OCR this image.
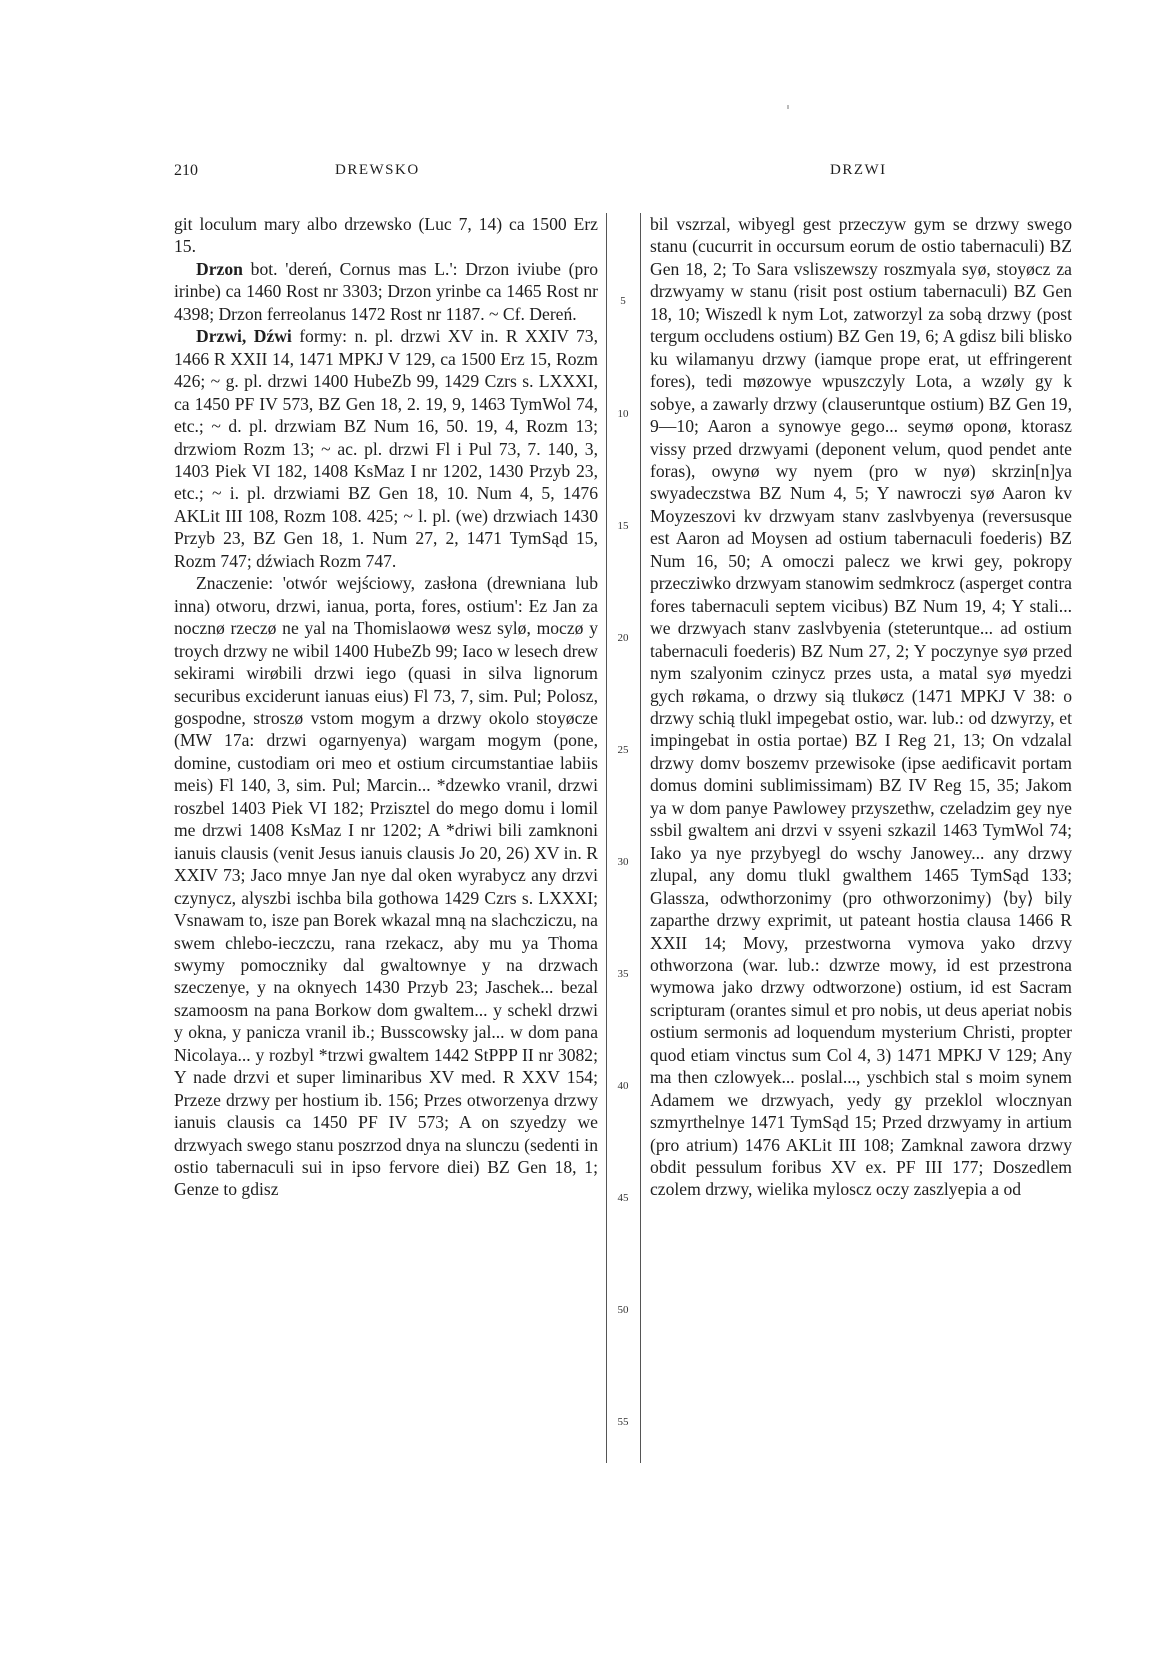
210	DREWSKO	DRZWI

git loculum mary albo drzewsko (Luc 7, 14) ca 1500 Erz 15.

Drzon bot. 'dereń, Cornus mas L.': Drzon iviube (pro irinbe) ca 1460 Rost nr 3303; Drzon yrinbe ca 1465 Rost nr 4398; Drzon ferreolanus 1472 Rost nr 1187. ~ Cf. Dereń.

Drzwi, Dźwi formy: n. pl. drzwi XV in. R XXIV 73, 1466 R XXII 14, 1471 MPKJ V 129, ca 1500 Erz 15, Rozm 426; ~ g. pl. drzwi 1400 HubeZb 99, 1429 Czrs s. LXXXI, ca 1450 PF IV 573, BZ Gen 18, 2. 19, 9, 1463 TymWol 74, etc.; ~ d. pl. drzwiam BZ Num 16, 50. 19, 4, Rozm 13; drzwiom Rozm 13; ~ ac. pl. drzwi Fl i Pul 73, 7. 140, 3, 1403 Piek VI 182, 1408 KsMaz I nr 1202, 1430 Przyb 23, etc.; ~ i. pl. drzwiami BZ Gen 18, 10. Num 4, 5, 1476 AKLit III 108, Rozm 108. 425; ~ l. pl. (we) drzwiach 1430 Przyb 23, BZ Gen 18, 1. Num 27, 2, 1471 TymSąd 15, Rozm 747; dźwiach Rozm 747.

Znaczenie: 'otwór wejściowy, zasłona (drewniana lub inna) otworu, drzwi, ianua, porta, fores, ostium': Ez Jan za nocznø rzeczø ne yal na Thomislaowø wesz sylø, moczø y troych drzwy ne wibil 1400 HubeZb 99; Iaco w lesech drew sekirami wirøbili drzwi iego (quasi in silva lignorum securibus exciderunt ianuas eius) Fl 73, 7, sim. Pul; Polosz, gospodne, stroszø vstom mogym a drzwy okolo stoyøcze (MW 17a: drzwi ogarnyenya) wargam mogym (pone, domine, custodiam ori meo et ostium circumstantiae labiis meis) Fl 140, 3, sim. Pul; Marcin... *dzewko vranil, drzwi roszbel 1403 Piek VI 182; Przisztel do mego domu i lomil me drzwi 1408 KsMaz I nr 1202; A *driwi bili zamknoni ianuis clausis (venit Jesus ianuis clausis Jo 20, 26) XV in. R XXIV 73; Jaco mnye Jan nye dal oken wyrabycz any drzvi czynycz, alyszbi ischba bila gothowa 1429 Czrs s. LXXXI; Vsnawam to, isze pan Borek wkazal mną na slachcziczu, na swem chlebo-ieczczu, rana rzekacz, aby mu ya Thoma swymy pomoczniky dal gwaltownye y na drzwach szeczenye, y na oknyech 1430 Przyb 23; Jaschek... bezal szamoosm na pana Borkow dom gwaltem... y schekl drzwi y okna, y panicza vranil ib.; Busscowsky jal... w dom pana Nicolaya... y rozbyl *trzwi gwaltem 1442 StPPP II nr 3082; Y nade drzvi et super liminaribus XV med. R XXV 154; Przeze drzwy per hostium ib. 156; Przes otworzenya drzwy ianuis clausis ca 1450 PF IV 573; A on szyedzy we drzwyach swego stanu poszrzod dnya na slunczu (sedenti in ostio tabernaculi sui in ipso fervore diei) BZ Gen 18, 1; Genze to gdisz

5
10
15
20
25
30
35
40
45
50
55

bil vszrzal, wibyegl gest przeczyw gym se drzwy swego stanu (cucurrit in occursum eorum de ostio tabernaculi) BZ Gen 18, 2; To Sara vsliszewszy roszmyala syø, stoyøcz za drzwyamy w stanu (risit post ostium tabernaculi) BZ Gen 18, 10; Wiszedl k nym Lot, zatworzyl za sobą drzwy (post tergum occludens ostium) BZ Gen 19, 6; A gdisz bili blisko ku wilamanyu drzwy (iamque prope erat, ut effringerent fores), tedi møzowye wpuszczyly Lota, a wzøly gy k sobye, a zawarly drzwy (clauseruntque ostium) BZ Gen 19, 9—10; Aaron a synowye gego... seymø oponø, ktorasz vissy przed drzwyami (deponent velum, quod pendet ante foras), owynø wy nyem (pro w nyø) skrzin[n]ya swyadeczstwa BZ Num 4, 5; Y nawroczi syø Aaron kv Moyzeszovi kv drzwyam stanv zaslvbyenya (reversusque est Aaron ad Moysen ad ostium tabernaculi foederis) BZ Num 16, 50; A omoczi palecz we krwi gey, pokropy przecziwko drzwyam stanowim sedmkrocz (asperget contra fores tabernaculi septem vicibus) BZ Num 19, 4; Y stali... we drzwyach stanv zaslvbyenia (steteruntque... ad ostium tabernaculi foederis) BZ Num 27, 2; Y poczynye syø przed nym szalyonim czinycz przes usta, a matal syø myedzi gych røkama, o drzwy sią tlukøcz (1471 MPKJ V 38: o drzwy schią tlukl impegebat ostio, war. lub.: od dzwyrzy, et impingebat in ostia portae) BZ I Reg 21, 13; On vdzalal drzwy domv boszemv przewisoke (ipse aedificavit portam domus domini sublimissimam) BZ IV Reg 15, 35; Jakom ya w dom panye Pawlowey przyszethw, czeladzim gey nye ssbil gwaltem ani drzvi v ssyeni szkazil 1463 TymWol 74; Iako ya nye przybyegl do wschy Janowey... any drzwy zlupal, any domu tlukl gwalthem 1465 TymSąd 133; Glassza, odwthorzonimy (pro othworzonimy) ⟨by⟩ bily zaparthe drzwy exprimit, ut pateant hostia clausa 1466 R XXII 14; Movy, przestworna vymova yako drzvy othworzona (war. lub.: dzwrze mowy, id est przestrona wymowa jako drzwy odtworzone) ostium, id est Sacram scripturam (orantes simul et pro nobis, ut deus aperiat nobis ostium sermonis ad loquendum mysterium Christi, propter quod etiam vinctus sum Col 4, 3) 1471 MPKJ V 129; Any ma then czlowyek... poslal..., yschbich stal s moim synem Adamem we drzwyach, yedy gy przeklol wlocznyan szmyrthelnye 1471 TymSąd 15; Przed drzwyamy in artium (pro atrium) 1476 AKLit III 108; Zamknal zawora drzwy obdit pessulum foribus XV ex. PF III 177; Doszedlem czolem drzwy, wielika myloscz oczy zaszlyepia a od
